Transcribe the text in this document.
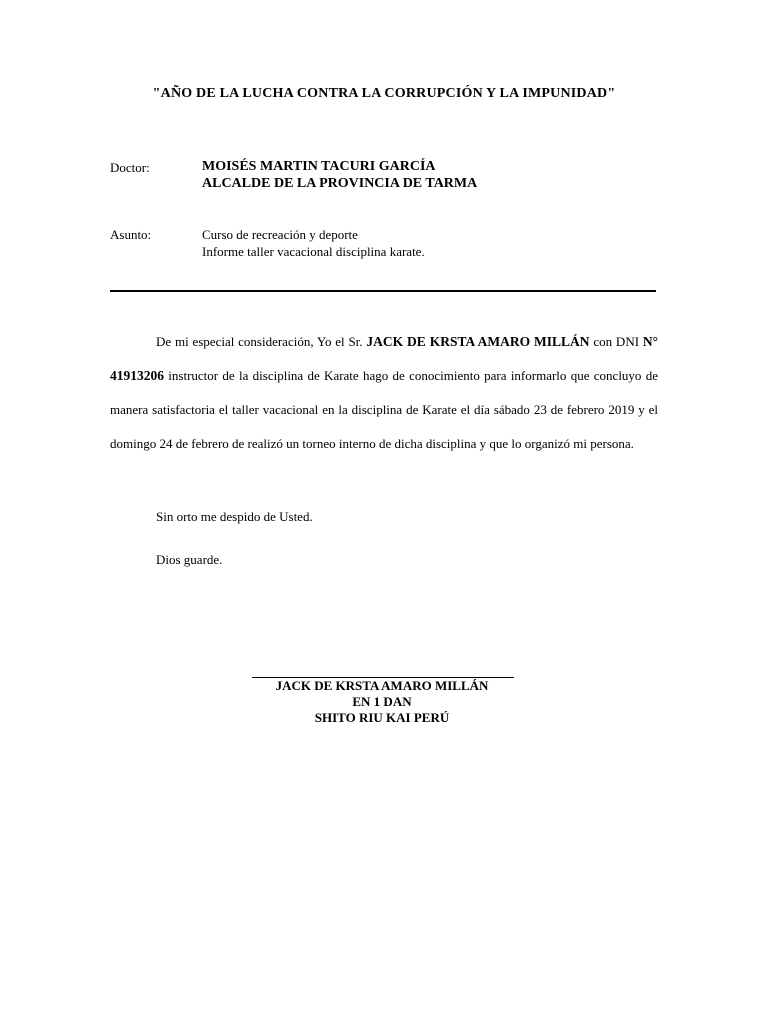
"AÑO DE LA LUCHA CONTRA LA CORRUPCIÓN Y LA IMPUNIDAD"
Doctor:	MOISÉS MARTIN TACURI GARCÍA
ALCALDE DE LA PROVINCIA DE TARMA
Asunto:	Curso de recreación y deporte
Informe taller vacacional disciplina karate.
De mi especial consideración, Yo el Sr. JACK DE KRSTA AMARO MILLÁN con DNI N° 41913206 instructor de la disciplina de Karate hago de conocimiento para informarlo que concluyo de manera satisfactoria el taller vacacional en la disciplina de Karate el día sábado 23 de febrero 2019 y el domingo 24 de febrero de realizó un torneo interno de dicha disciplina y que lo organizó mi persona.
Sin orto me despido de Usted.
Dios guarde.
JACK DE KRSTA AMARO MILLÁN
EN 1 DAN
SHITO RIU KAI PERÚ
